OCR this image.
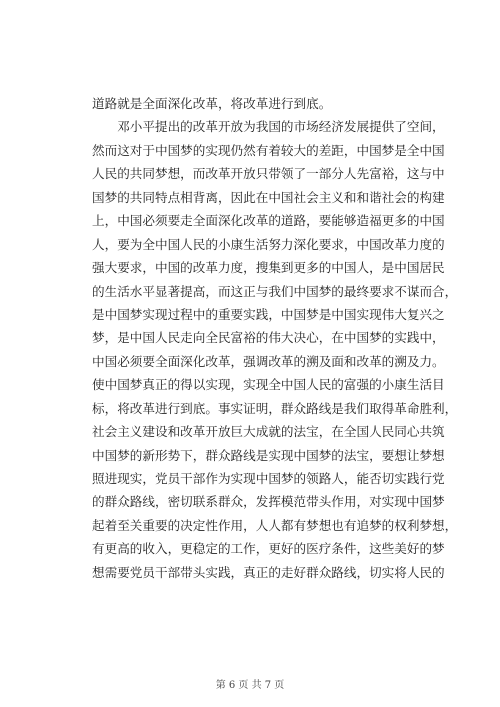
道路就是全面深化改革，将改革进行到底。
　　邓小平提出的改革开放为我国的市场经济发展提供了空间，
然而这对于中国梦的实现仍然有着较大的差距，中国梦是全中国
人民的共同梦想，而改革开放只带领了一部分人先富裕，这与中
国梦的共同特点相背离，因此在中国社会主义和和谐社会的构建
上，中国必须要走全面深化改革的道路，要能够造福更多的中国
人，要为全中国人民的小康生活努力深化要求，中国改革力度的
强大要求，中国的改革力度，搜集到更多的中国人，是中国居民
的生活水平显著提高，而这正与我们中国梦的最终要求不谋而合，
是中国梦实现过程中的重要实践，中国梦是中国实现伟大复兴之
梦，是中国人民走向全民富裕的伟大决心，在中国梦的实践中，
中国必须要全面深化改革，强调改革的溯及面和改革的溯及力。
使中国梦真正的得以实现，实现全中国人民的富强的小康生活目
标，将改革进行到底。事实证明，群众路线是我们取得革命胜利，
社会主义建设和改革开放巨大成就的法宝，在全国人民同心共筑
中国梦的新形势下，群众路线是实现中国梦的法宝，要想让梦想
照进现实，党员干部作为实现中国梦的领路人，能否切实践行党
的群众路线，密切联系群众，发挥模范带头作用，对实现中国梦
起着至关重要的决定性作用，人人都有梦想也有追梦的权利梦想，
有更高的收入，更稳定的工作，更好的医疗条件，这些美好的梦
想需要党员干部带头实践，真正的走好群众路线，切实将人民的
第 6 页 共 7 页
